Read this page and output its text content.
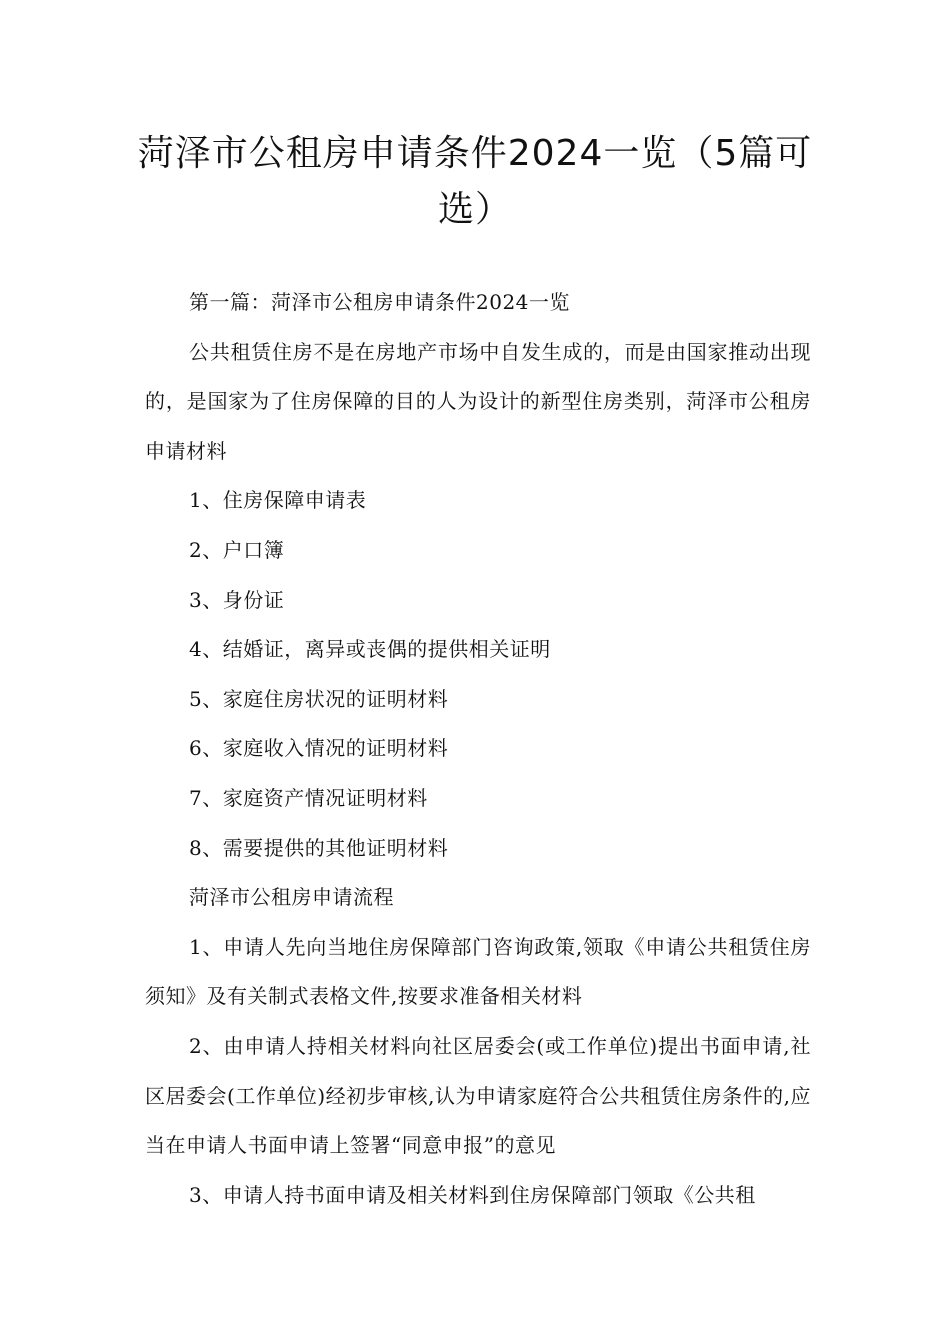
菏泽市公租房申请条件2024一览（5篇可选）

第一篇：菏泽市公租房申请条件2024一览

公共租赁住房不是在房地产市场中自发生成的，而是由国家推动出现的，是国家为了住房保障的目的人为设计的新型住房类别，菏泽市公租房申请材料

1、住房保障申请表

2、户口簿

3、身份证

4、结婚证，离异或丧偶的提供相关证明

5、家庭住房状况的证明材料

6、家庭收入情况的证明材料

7、家庭资产情况证明材料

8、需要提供的其他证明材料

菏泽市公租房申请流程

1、申请人先向当地住房保障部门咨询政策,领取《申请公共租赁住房须知》及有关制式表格文件,按要求准备相关材料

2、由申请人持相关材料向社区居委会(或工作单位)提出书面申请,社区居委会(工作单位)经初步审核,认为申请家庭符合公共租赁住房条件的,应当在申请人书面申请上签署“同意申报”的意见

3、申请人持书面申请及相关材料到住房保障部门领取《公共租
